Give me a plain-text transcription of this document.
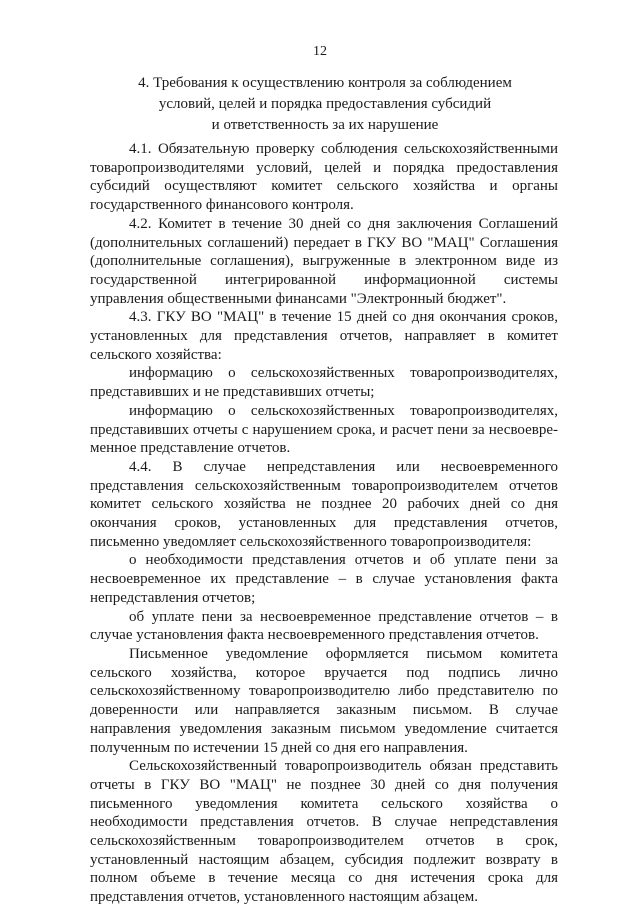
12
4. Требования к осуществлению контроля за соблюдением
условий, целей и порядка предоставления субсидий
и ответственность за их нарушение

4.1. Обязательную проверку соблюдения сельскохозяйственными товаропроизводителями условий, целей и порядка предоставления субсидий осуществляют комитет сельского хозяйства и органы государственного финансового контроля.

4.2. Комитет в течение 30 дней со дня заключения Соглашений (дополнительных соглашений) передает в ГКУ ВО "МАЦ" Соглашения (дополнительные соглашения), выгруженные в электронном виде из государственной интегрированной информационной системы управления общественными финансами "Электронный бюджет".

4.3. ГКУ ВО "МАЦ" в течение 15 дней со дня окончания сроков, установленных для представления отчетов, направляет в комитет сельского хозяйства:

информацию о сельскохозяйственных товаропроизводителях, представивших и не представивших отчеты;

информацию о сельскохозяйственных товаропроизводителях, представивших отчеты с нарушением срока, и расчет пени за несвоевременное представление отчетов.

4.4. В случае непредставления или несвоевременного представления сельскохозяйственным товаропроизводителем отчетов комитет сельского хозяйства не позднее 20 рабочих дней со дня окончания сроков, установленных для представления отчетов, письменно уведомляет сельскохозяйственного товаропроизводителя:

о необходимости представления отчетов и об уплате пени за несвоевременное их представление – в случае установления факта непредставления отчетов;

об уплате пени за несвоевременное представление отчетов – в случае установления факта несвоевременного представления отчетов.

Письменное уведомление оформляется письмом комитета сельского хозяйства, которое вручается под подпись лично сельскохозяйственному товаропроизводителю либо представителю по доверенности или направляется заказным письмом. В случае направления уведомления заказным письмом уведомление считается полученным по истечении 15 дней со дня его направления.

Сельскохозяйственный товаропроизводитель обязан представить отчеты в ГКУ ВО "МАЦ" не позднее 30 дней со дня получения письменного уведомления комитета сельского хозяйства о необходимости представления отчетов. В случае непредставления сельскохозяйственным товаропроизводителем отчетов в срок, установленный настоящим абзацем, субсидия подлежит возврату в полном объеме в течение месяца со дня истечения срока для представления отчетов, установленного настоящим абзацем.
